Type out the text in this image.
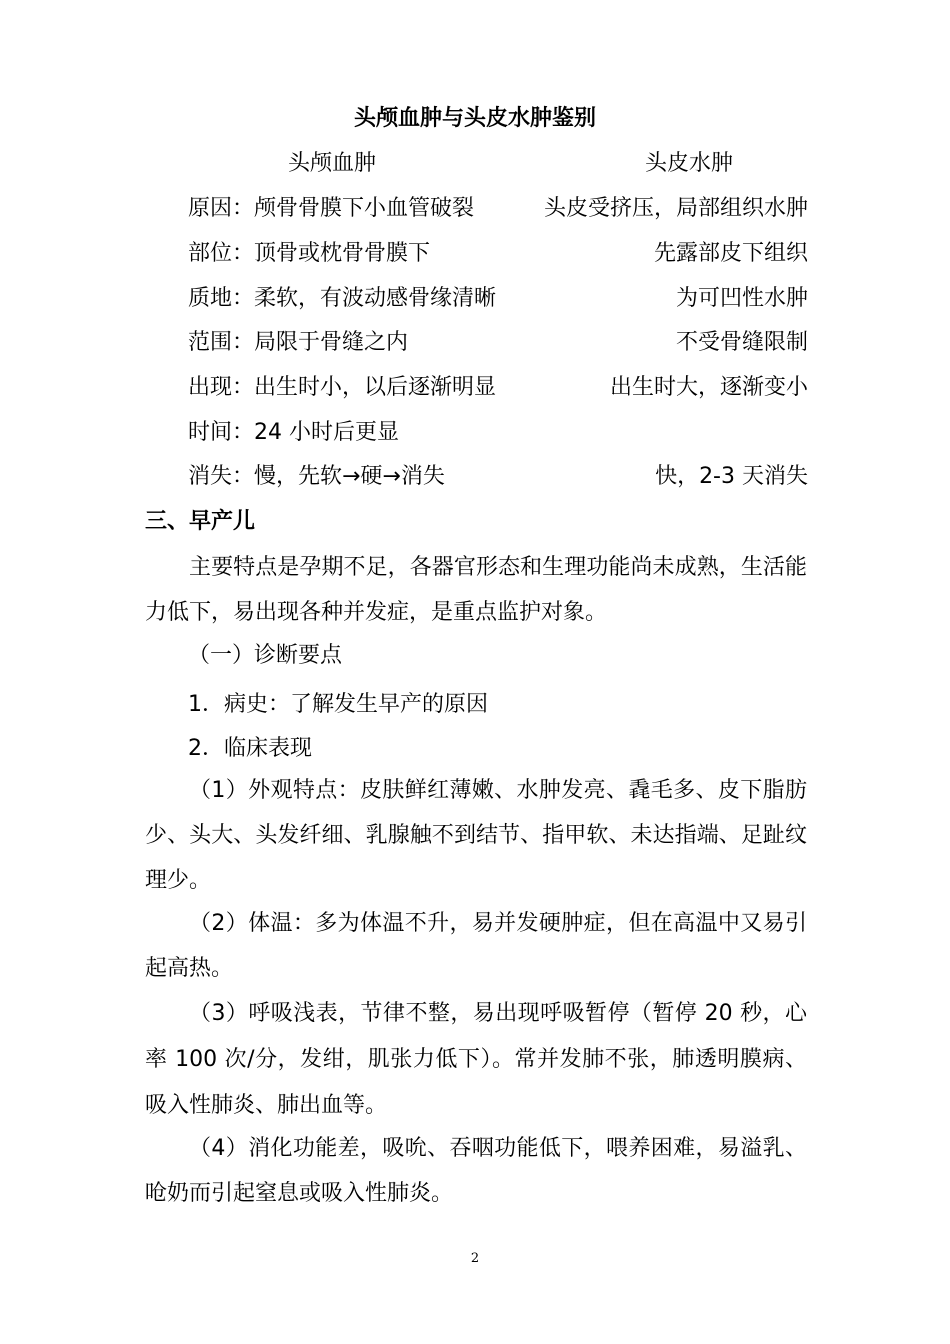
头颅血肿与头皮水肿鉴别
头颅血肿	头皮水肿
原因：颅骨骨膜下小血管破裂	头皮受挤压，局部组织水肿
部位：顶骨或枕骨骨膜下	先露部皮下组织
质地：柔软，有波动感骨缘清晰	为可凹性水肿
范围：局限于骨缝之内	不受骨缝限制
出现：出生时小，以后逐渐明显	出生时大，逐渐变小
时间：24 小时后更显
消失：慢，先软→硬→消失	快，2-3 天消失
三、早产儿
主要特点是孕期不足，各器官形态和生理功能尚未成熟，生活能力低下，易出现各种并发症，是重点监护对象。
（一）诊断要点
1．病史：了解发生早产的原因
2．临床表现
（1）外观特点：皮肤鲜红薄嫩、水肿发亮、毳毛多、皮下脂肪少、头大、头发纤细、乳腺触不到结节、指甲软、未达指端、足趾纹理少。
（2）体温：多为体温不升，易并发硬肿症，但在高温中又易引起高热。
（3）呼吸浅表，节律不整，易出现呼吸暂停（暂停 20 秒，心率 100 次/分，发绀，肌张力低下）。常并发肺不张，肺透明膜病、吸入性肺炎、肺出血等。
（4）消化功能差，吸吮、吞咽功能低下，喂养困难，易溢乳、呛奶而引起窒息或吸入性肺炎。
2
